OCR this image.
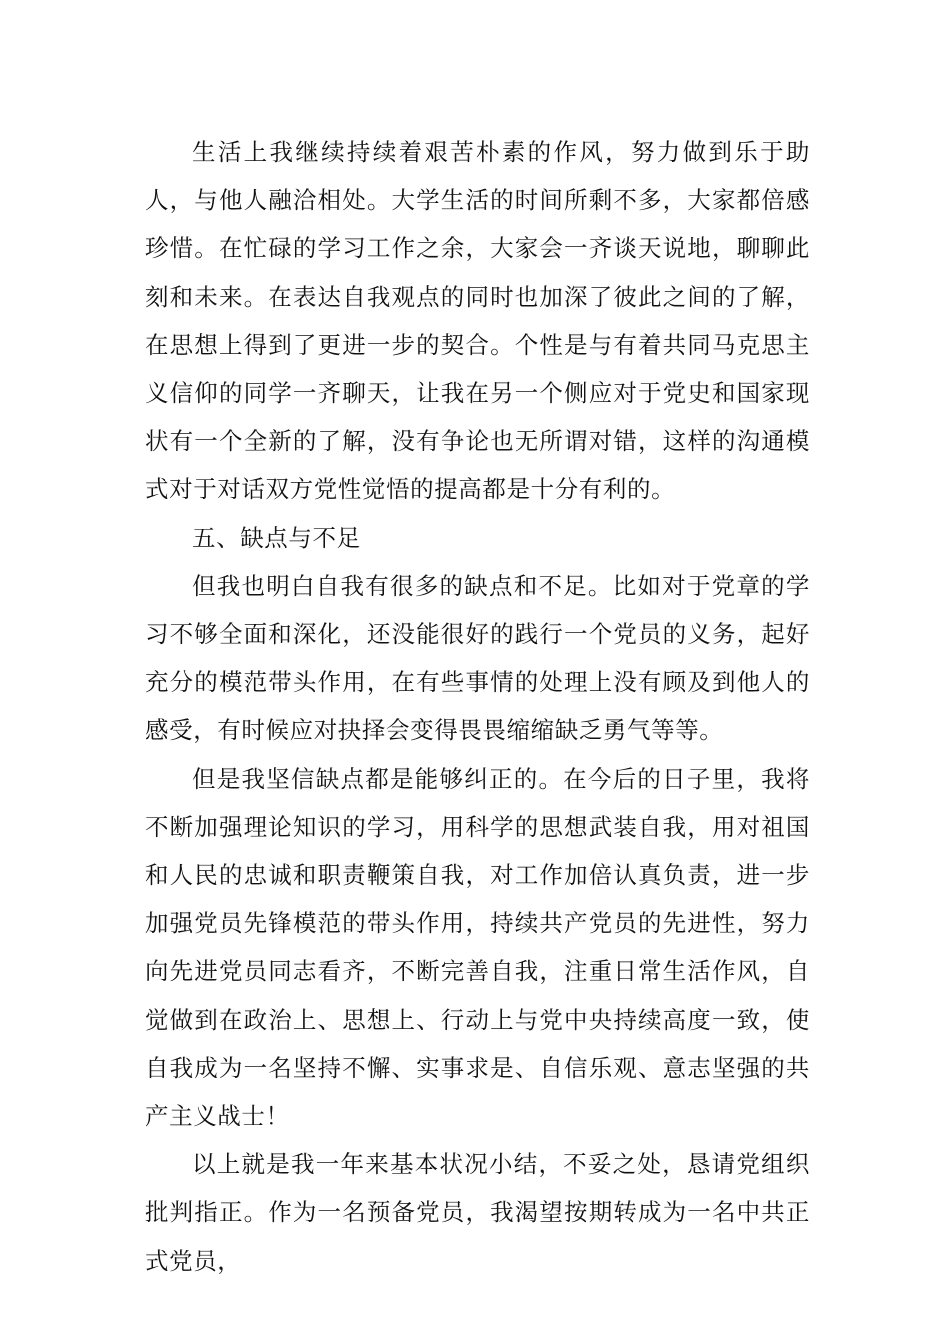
生活上我继续持续着艰苦朴素的作风，努力做到乐于助人，与他人融洽相处。大学生活的时间所剩不多，大家都倍感珍惜。在忙碌的学习工作之余，大家会一齐谈天说地，聊聊此刻和未来。在表达自我观点的同时也加深了彼此之间的了解，在思想上得到了更进一步的契合。个性是与有着共同马克思主义信仰的同学一齐聊天，让我在另一个侧应对于党史和国家现状有一个全新的了解，没有争论也无所谓对错，这样的沟通模式对于对话双方党性觉悟的提高都是十分有利的。

五、缺点与不足

但我也明白自我有很多的缺点和不足。比如对于党章的学习不够全面和深化，还没能很好的践行一个党员的义务，起好充分的模范带头作用，在有些事情的处理上没有顾及到他人的感受，有时候应对抉择会变得畏畏缩缩缺乏勇气等等。

但是我坚信缺点都是能够纠正的。在今后的日子里，我将不断加强理论知识的学习，用科学的思想武装自我，用对祖国和人民的忠诚和职责鞭策自我，对工作加倍认真负责，进一步加强党员先锋模范的带头作用，持续共产党员的先进性，努力向先进党员同志看齐，不断完善自我，注重日常生活作风，自觉做到在政治上、思想上、行动上与党中央持续高度一致，使自我成为一名坚持不懈、实事求是、自信乐观、意志坚强的共产主义战士！

以上就是我一年来基本状况小结，不妥之处，恳请党组织批判指正。作为一名预备党员，我渴望按期转成为一名中共正式党员，
